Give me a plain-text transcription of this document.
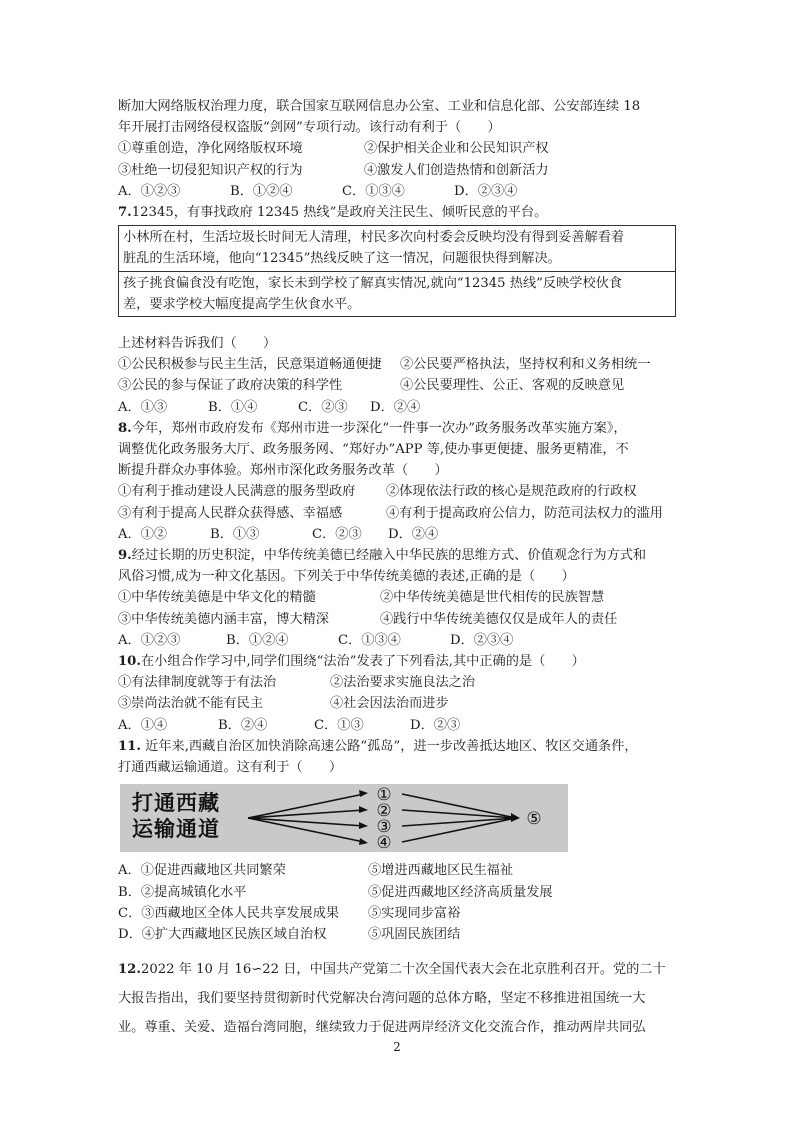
断加大网络版权治理力度，联合国家互联网信息办公室、工业和信息化部、公安部连续 18
年开展打击网络侵权盗版“剑网”专项行动。该行动有利于（　　）
①尊重创造，净化网络版权环境	②保护相关企业和公民知识产权
③杜绝一切侵犯知识产权的行为	④激发人们创造热情和创新活力
A．①②③	B．①②④	C．①③④	D．②③④
7.12345，有事找政府 12345 热线”是政府关注民生、倾听民意的平台。
小林所在村，生活垃圾长时间无人清理，村民多次向村委会反映均没有得到妥善解看着
脏乱的生活环境，他向“12345”热线反映了这一情况，问题很快得到解决。
孩子挑食偏食没有吃饱，家长未到学校了解真实情况,就向“12345 热线”反映学校伙食
差，要求学校大幅度提高学生伙食水平。
上述材料告诉我们（　　）
①公民积极参与民主生活，民意渠道畅通便捷	②公民要严格执法，坚持权利和义务相统一
③公民的参与保证了政府决策的科学性	④公民要理性、公正、客观的反映意见
A．①③	B．①④	C．②③	D．②④
8.今年，郑州市政府发布《郑州市进一步深化“一件事一次办”政务服务改革实施方案》，
调整优化政务服务大厅、政务服务网、“郑好办”APP 等,使办事更便捷、服务更精准，不
断提升群众办事体验。郑州市深化政务服务改革（　　）
①有利于推动建设人民满意的服务型政府	②体现依法行政的核心是规范政府的行政权
③有利于提高人民群众获得感、幸福感	④有利于提高政府公信力，防范司法权力的滥用
A．①②	B．①③	C．②③	D．②④
9.经过长期的历史积淀，中华传统美德已经融入中华民族的思维方式、价值观念行为方式和
风俗习惯,成为一种文化基因。下列关于中华传统美德的表述,正确的是（　　）
①中华传统美德是中华文化的精髓	②中华传统美德是世代相传的民族智慧
③中华传统美德内涵丰富，博大精深	④践行中华传统美德仅仅是成年人的责任
A．①②③	B．①②④	C．①③④	D．②③④
10.在小组合作学习中,同学们围绕“法治”发表了下列看法,其中正确的是（　　）
①有法律制度就等于有法治	②法治要求实施良法之治
③崇尚法治就不能有民主	④社会因法治而进步
A．①④	B．②④	C．①③	D．②③
11. 近年来,西藏自治区加快消除高速公路“孤岛”，进一步改善抵达地区、牧区交通条件，
打通西藏运输通道。这有利于（　　）
打通西藏
运输通道
①
②
③
④
⑤
A．①促进西藏地区共同繁荣	⑤增进西藏地区民生福祉
B．②提高城镇化水平	⑤促进西藏地区经济高质量发展
C．③西藏地区全体人民共享发展成果	⑤实现同步富裕
D．④扩大西藏地区民族区域自治权	⑤巩固民族团结
12.2022 年 10 月 16∽22 日，中国共产党第二十次全国代表大会在北京胜利召开。党的二十
大报告指出，我们要坚持贯彻新时代党解决台湾问题的总体方略，坚定不移推进祖国统一大
业。尊重、关爱、造福台湾同胞，继续致力于促进两岸经济文化交流合作，推动两岸共同弘
2
